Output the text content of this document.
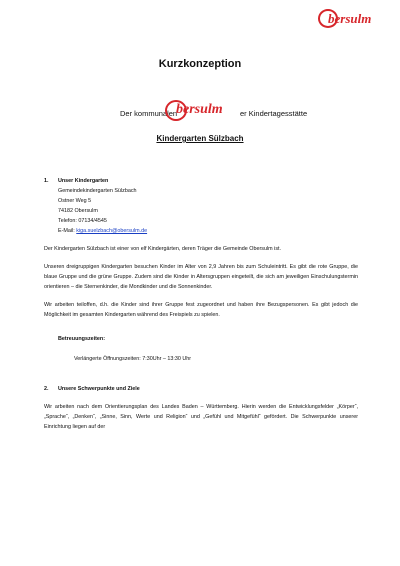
bersulm
Kurzkonzeption
Der kommunalen
bersulm er Kindertagesstätte
Kindergarten Sülzbach
1. Unser Kindergarten
Gemeindekindergarten Sülzbach
Ostner Weg 5
74182 Obersulm
Telefon: 07134/4545
E-Mail: kiga.suelzbach@obersulm.de
Der Kindergarten Sülzbach ist einer von elf Kindergärten, deren Träger die Gemeinde Obersulm ist.
Unseren dreigruppigen Kindergarten besuchen Kinder im Alter von 2,9 Jahren bis zum Schuleintritt. Es gibt die rote Gruppe, die blaue Gruppe und die grüne Gruppe. Zudem sind die Kinder in Altersgruppen eingeteilt, die sich am jeweiligen Einschulungstermin orientieren – die Sternenkinder, die Mondkinder und die Sonnenkinder.
Wir arbeiten teiloffen, d.h. die Kinder sind ihrer Gruppe fest zugeordnet und haben ihre Bezugspersonen. Es gibt jedoch die Möglichkeit im gesamten Kindergarten während des Freispiels zu spielen.
Betreuungszeiten:
Verlängerte Öffnungszeiten: 7:30Uhr – 13:30 Uhr
2. Unsere Schwerpunkte und Ziele
Wir arbeiten nach dem Orientierungsplan des Landes Baden – Württemberg. Hierin werden die Entwicklungsfelder „Körper“, „Sprache“, „Denken“, „Sinne, Sinn, Werte und Religion“ und „Gefühl und Mitgefühl“ gefördert. Die Schwerpunkte unserer Einrichtung liegen auf der
